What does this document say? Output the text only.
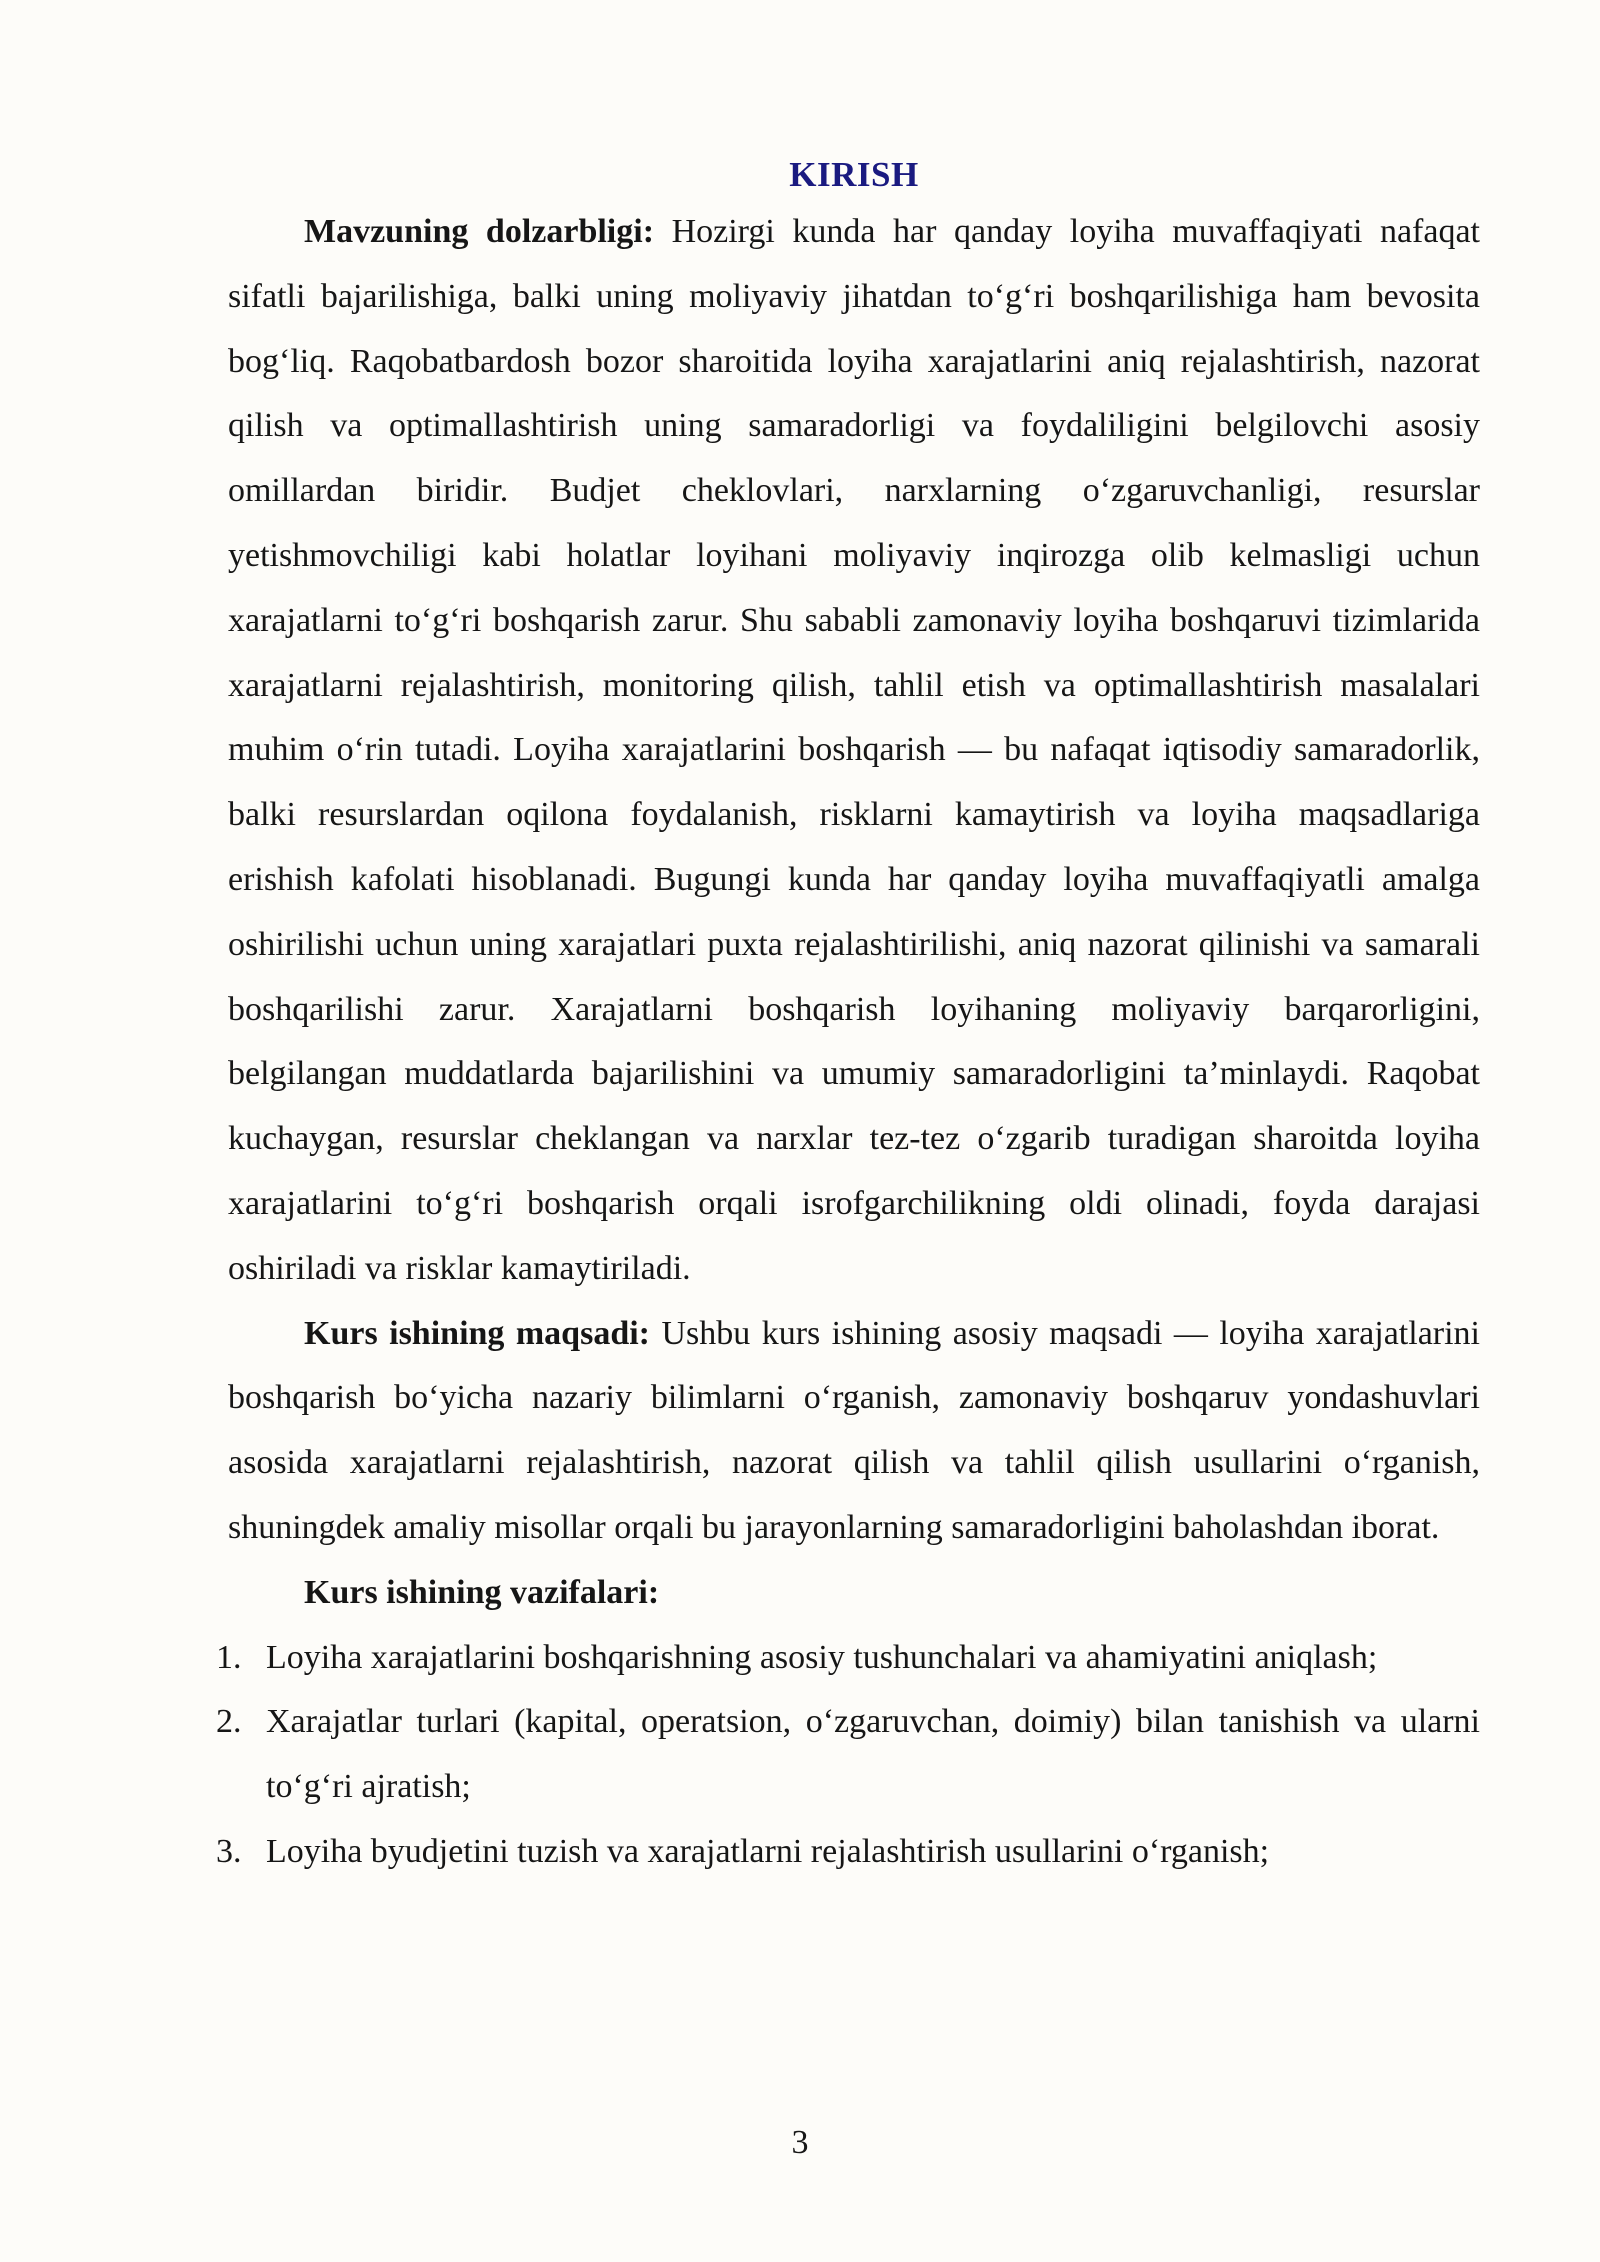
KIRISH

Mavzuning dolzarbligi: Hozirgi kunda har qanday loyiha muvaffaqiyati nafaqat sifatli bajarilishiga, balki uning moliyaviy jihatdan to‘g‘ri boshqarilishiga ham bevosita bog‘liq. Raqobatbardosh bozor sharoitida loyiha xarajatlarini aniq rejalashtirish, nazorat qilish va optimallashtirish uning samaradorligi va foydaliligini belgilovchi asosiy omillardan biridir. Budjet cheklovlari, narxlarning o‘zgaruvchanligi, resurslar yetishmovchiligi kabi holatlar loyihani moliyaviy inqirozga olib kelmasligi uchun xarajatlarni to‘g‘ri boshqarish zarur. Shu sababli zamonaviy loyiha boshqaruvi tizimlarida xarajatlarni rejalashtirish, monitoring qilish, tahlil etish va optimallashtirish masalalari muhim o‘rin tutadi. Loyiha xarajatlarini boshqarish — bu nafaqat iqtisodiy samaradorlik, balki resurslardan oqilona foydalanish, risklarni kamaytirish va loyiha maqsadlariga erishish kafolati hisoblanadi. Bugungi kunda har qanday loyiha muvaffaqiyatli amalga oshirilishi uchun uning xarajatlari puxta rejalashtirilishi, aniq nazorat qilinishi va samarali boshqarilishi zarur. Xarajatlarni boshqarish loyihaning moliyaviy barqarorligini, belgilangan muddatlarda bajarilishini va umumiy samaradorligini ta’minlaydi. Raqobat kuchaygan, resurslar cheklangan va narxlar tez-tez o‘zgarib turadigan sharoitda loyiha xarajatlarini to‘g‘ri boshqarish orqali isrofgarchilikning oldi olinadi, foyda darajasi oshiriladi va risklar kamaytiriladi.

Kurs ishining maqsadi: Ushbu kurs ishining asosiy maqsadi — loyiha xarajatlarini boshqarish bo‘yicha nazariy bilimlarni o‘rganish, zamonaviy boshqaruv yondashuvlari asosida xarajatlarni rejalashtirish, nazorat qilish va tahlil qilish usullarini o‘rganish, shuningdek amaliy misollar orqali bu jarayonlarning samaradorligini baholashdan iborat.

Kurs ishining vazifalari:

1. Loyiha xarajatlarini boshqarishning asosiy tushunchalari va ahamiyatini aniqlash;
2. Xarajatlar turlari (kapital, operatsion, o‘zgaruvchan, doimiy) bilan tanishish va ularni to‘g‘ri ajratish;
3. Loyiha byudjetini tuzish va xarajatlarni rejalashtirish usullarini o‘rganish;
3
